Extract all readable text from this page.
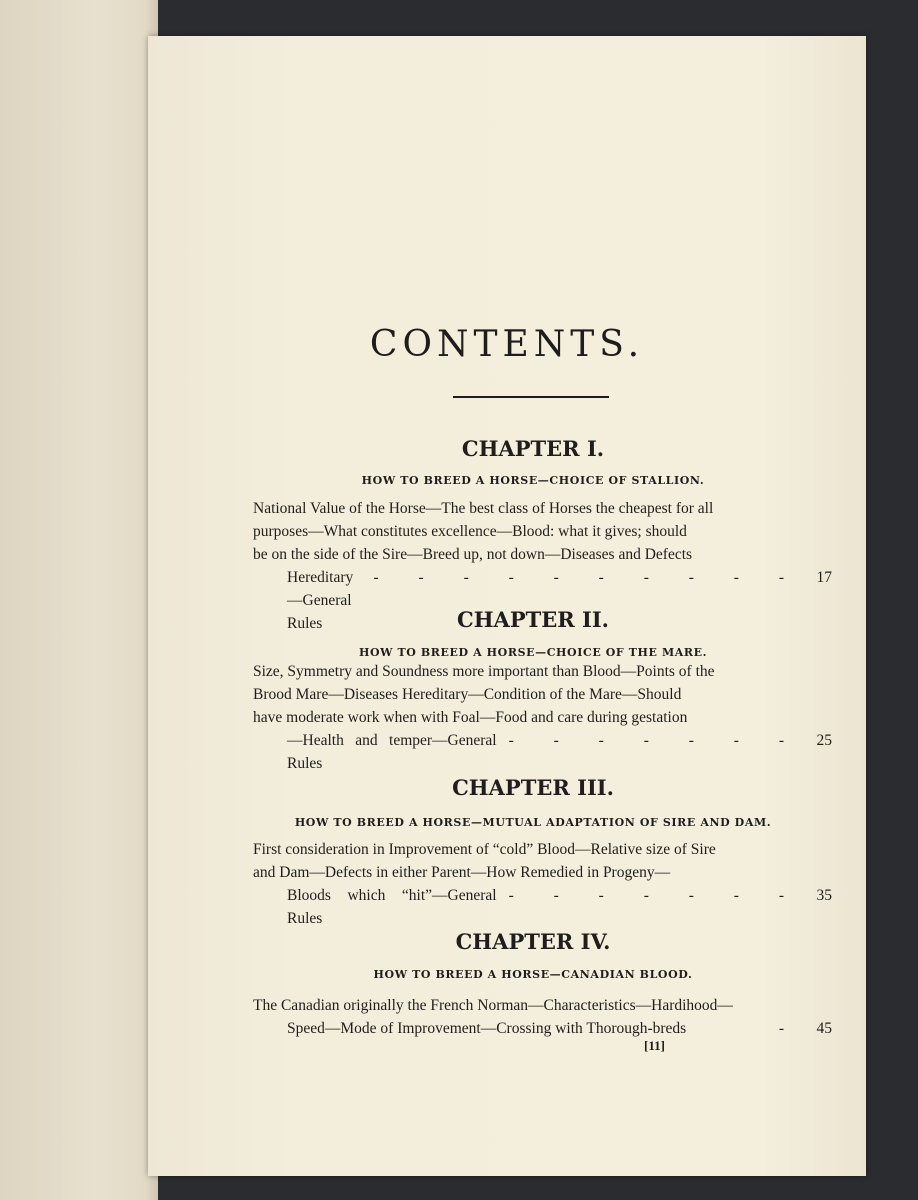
CONTENTS.
CHAPTER I.
HOW TO BREED A HORSE—CHOICE OF STALLION.
National Value of the Horse—The best class of Horses the cheapest for all
purposes—What constitutes excellence—Blood: what it gives; should
be on the side of the Sire—Breed up, not down—Diseases and Defects
Hereditary—General Rules
- - - - - - - - - - 17
CHAPTER II.
HOW TO BREED A HORSE—CHOICE OF THE MARE.
Size, Symmetry and Soundness more important than Blood—Points of the
Brood Mare—Diseases Hereditary—Condition of the Mare—Should
have moderate work when with Foal—Food and care during gestation
—Health and temper—General Rules
- - - - - - - 25
CHAPTER III.
HOW TO BREED A HORSE—MUTUAL ADAPTATION OF SIRE AND DAM.
First consideration in Improvement of “cold” Blood—Relative size of Sire
and Dam—Defects in either Parent—How Remedied in Progeny—
Bloods which “hit”—General Rules
- - - - - - - 35
CHAPTER IV.
HOW TO BREED A HORSE—CANADIAN BLOOD.
The Canadian originally the French Norman—Characteristics—Hardihood—
Speed—Mode of Improvement—Crossing with Thorough-breds	- 45
[11]
